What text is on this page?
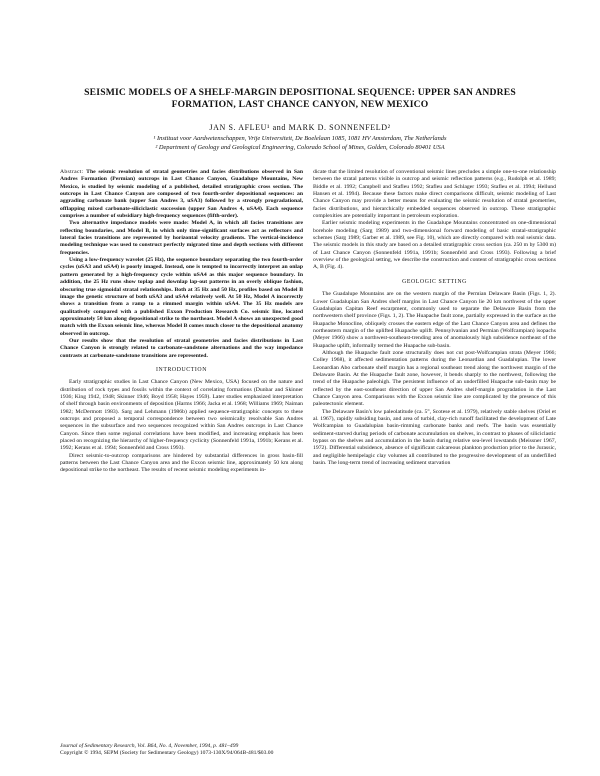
SEISMIC MODELS OF A SHELF-MARGIN DEPOSITIONAL SEQUENCE: UPPER SAN ANDRES
FORMATION, LAST CHANCE CANYON, NEW MEXICO
JAN S. AFLEU¹ and MARK D. SONNENFELD²
¹ Instituut voor Aardwetenschappen, Vrije Universiteit, De Boelelaan 1085, 1081 HV Amsterdam, The Netherlands
² Department of Geology and Geological Engineering, Colorado School of Mines, Golden, Colorado 80401 USA

Abstract: The seismic resolution of stratal geometries and facies distributions observed in San Andres Formation (Permian) outcrops in Last Chance Canyon, Guadalupe Mountains, New Mexico, is studied by seismic modeling of a published, detailed stratigraphic cross section. The outcrops in Last Chance Canyon are composed of two fourth-order depositional sequences: an aggrading carbonate bank (upper San Andres 3, uSA3) followed by a strongly progradational, offlapping mixed carbonate-siliciclastic succession (upper San Andres 4, uSA4). Each sequence comprises a number of subsidiary high-frequency sequences (fifth-order).

Two alternative impedance models were made: Model A, in which all facies transitions are reflecting boundaries, and Model B, in which only time-significant surfaces act as reflectors and lateral facies transitions are represented by horizontal velocity gradients. The vertical-incidence modeling technique was used to construct perfectly migrated time and depth sections with different frequencies.

Using a low-frequency wavelet (25 Hz), the sequence boundary separating the two fourth-order cycles (uSA3 and uSA4) is poorly imaged. Instead, one is tempted to incorrectly interpret an onlap pattern generated by a high-frequency cycle within uSA4 as this major sequence boundary. In addition, the 25 Hz runs show toplap and downlap lap-out patterns in an overly oblique fashion, obscuring true sigmoidal stratal relationships. Both at 35 Hz and 50 Hz, profiles based on Model B image the genetic structure of both uSA3 and uSA4 relatively well. At 50 Hz, Model A incorrectly shows a transition from a ramp to a rimmed margin within uSA4. The 35 Hz models are qualitatively compared with a published Exxon Production Research Co. seismic line, located approximately 50 km along depositional strike to the northeast. Model A shows an unexpected good match with the Exxon seismic line, whereas Model B comes much closer to the depositional anatomy observed in outcrop.

Our results show that the resolution of stratal geometries and facies distributions in Last Chance Canyon is strongly related to carbonate-sandstone alternations and the way impedance contrasts at carbonate-sandstone transitions are represented.

INTRODUCTION

Early stratigraphic studies in Last Chance Canyon (New Mexico, USA) focused on the nature and distribution of rock types and fossils within the context of correlating formations (Dunbar and Skinner 1936; King 1942, 1948; Skinner 1946; Boyd 1958; Hayes 1959). Later studies emphasized interpretation of shelf through basin environments of deposition (Harms 1966; Jacka et al. 1968; Williams 1969; Naiman 1982; McDermott 1983). Sarg and Lehmann (1986b) applied sequence-stratigraphic concepts to these outcrops and proposed a temporal correspondence between two seismically resolvable San Andres sequences in the subsurface and two sequences recognized within San Andres outcrops in Last Chance Canyon. Since then some regional correlations have been modified, and increasing emphasis has been placed on recognizing the hierarchy of higher-frequency cyclicity (Sonnenfeld 1991a, 1991b; Kerans et al. 1992; Kerans et al. 1994; Sonnenfeld and Cross 1993).

Direct seismic-to-outcrop comparisons are hindered by substantial differences in gross basin-fill patterns between the Last Chance Canyon area and the Exxon seismic line, approximately 50 km along depositional strike to the northeast. The results of recent seismic modeling experiments in-

dicate that the limited resolution of conventional seismic lines precludes a simple one-to-one relationship between the stratal patterns visible in outcrop and seismic reflection patterns (e.g., Rudolph et al. 1989; Biddle et al. 1992; Campbell and Stafleu 1992; Stafleu and Schlager 1993; Stafleu et al. 1994; Hellund Hansen et al. 1994). Because these factors make direct comparisons difficult, seismic modeling of Last Chance Canyon may provide a better means for evaluating the seismic resolution of stratal geometries, facies distributions, and hierarchically embedded sequences observed in outcrop. These stratigraphic complexities are potentially important in petroleum exploration.

Earlier seismic modeling experiments in the Guadalupe Mountains concentrated on one-dimensional borehole modeling (Sarg 1989) and two-dimensional forward modeling of basic stratal-stratigraphic schemes (Sarg 1989; Garber et al. 1989, see Fig. 10), which are directly compared with real seismic data. The seismic models in this study are based on a detailed stratigraphic cross section (ca. 250 m by 5300 m) of Last Chance Canyon (Sonnenfeld 1991a, 1991b; Sonnenfeld and Cross 1993). Following a brief overview of the geological setting, we describe the construction and content of stratigraphic cross sections A, B (Fig. 4).

GEOLOGIC SETTING

The Guadalupe Mountains are on the western margin of the Permian Delaware Basin (Figs. 1, 2). Lower Guadalupian San Andres shelf margins in Last Chance Canyon lie 20 km northwest of the upper Guadalupian Capitan Reef escarpment, commonly used to separate the Delaware Basin from the northwestern shelf province (Figs. 1, 2). The Huapache fault zone, partially expressed in the surface as the Huapache Monocline, obliquely crosses the eastern edge of the Last Chance Canyon area and defines the northeastern margin of the uplifted Huapache uplift. Pennsylvanian and Permian (Wolfcampian) isopachs (Meyer 1966) show a northwest-southeast-trending area of anomalously high subsidence northeast of the Huapache uplift, informally termed the Huapache sub-basin.

Although the Huapache fault zone structurally does not cut post-Wolfcampian strata (Meyer 1966; Colley 1968), it affected sedimentation patterns during the Leonardian and Guadalupian. The lower Leonardian Abo carbonate shelf margin has a regional southeast trend along the northwest margin of the Delaware Basin. At the Huapache fault zone, however, it bends sharply to the northwest, following the trend of the Huapache paleohigh. The persistent influence of an underfilled Huapache sub-basin may be reflected by the east-southeast direction of upper San Andres shelf-margin progradation in the Last Chance Canyon area. Comparisons with the Exxon seismic line are complicated by the presence of this paleotectonic element.

The Delaware Basin's low paleolatitude (ca. 5°, Scotese et al. 1979), relatively stable shelves (Oriel et al. 1967), rapidly subsiding basin, and area of turbid, clay-rich runoff facilitated the development of Late Wolfcampian to Guadalupian basin-rimming carbonate banks and reefs. The basin was essentially sediment-starved during periods of carbonate accumulation on shelves, in contrast to phases of siliciclastic bypass on the shelves and accumulation in the basin during relative sea-level lowstands (Meissner 1967, 1972). Differential subsidence, absence of significant calcareous plankton production prior to the Jurassic, and negligible hemipelagic clay volumes all contributed to the progressive development of an underfilled basin. The long-term trend of increasing sediment starvation

Journal of Sedimentary Research, Vol. B64, No. 4, November, 1994, p. 481–499
Copyright © 1994, SEPM (Society for Sedimentary Geology) 1073-130X/94/064B-481/$03.00
